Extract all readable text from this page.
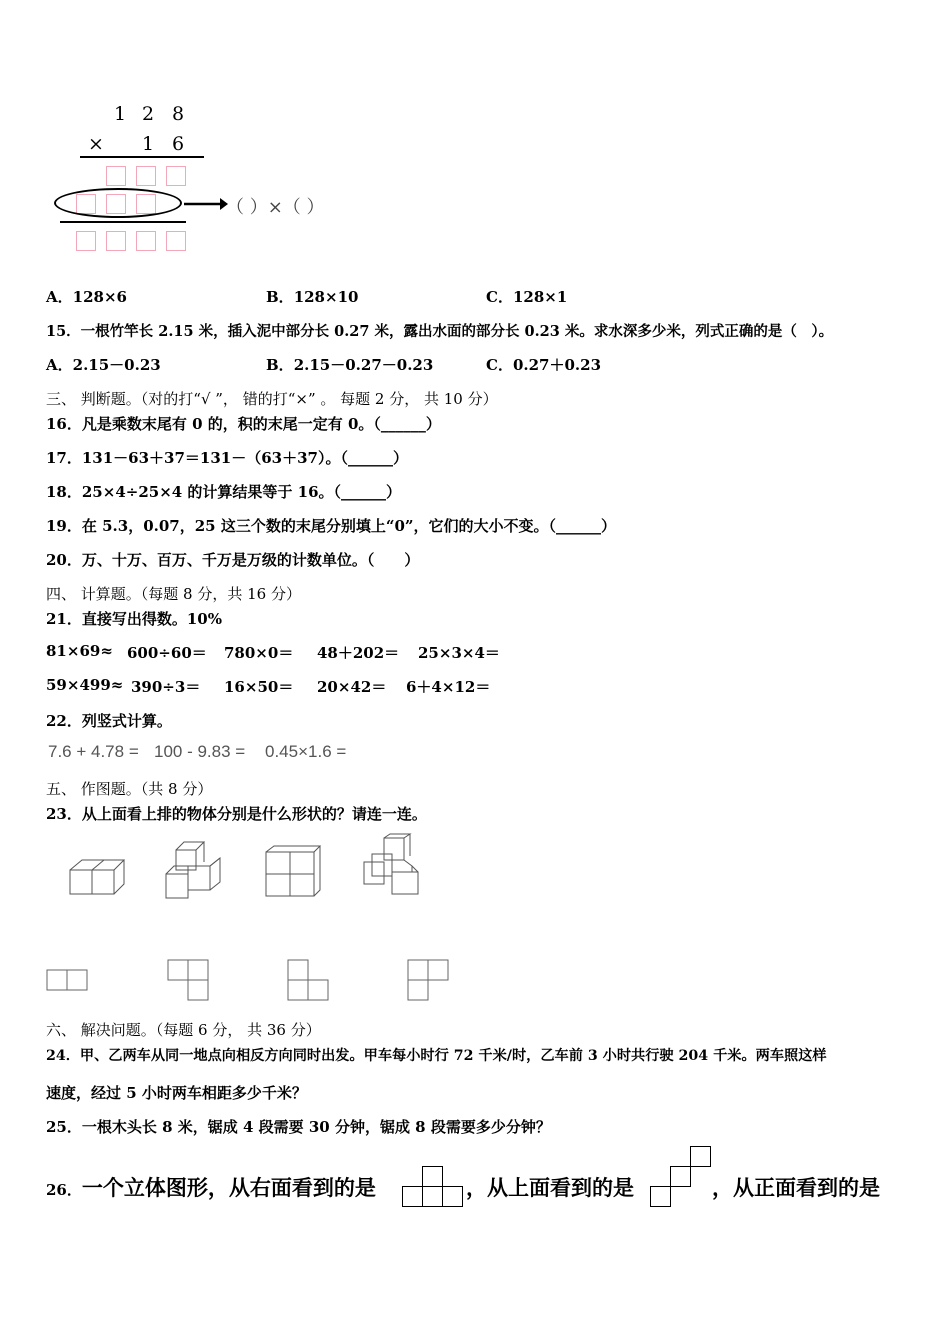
1 2 8
× 1 6
（ ）×（ ）
A．128×6	B．128×10	C．128×1
15．一根竹竿长 2.15 米，插入泥中部分长 0.27 米，露出水面的部分长 0.23 米。求水深多少米，列式正确的是（　）。
A．2.15－0.23	B．2.15－0.27－0.23	C．0.27＋0.23
三、 判断题。（对的打“√ ”， 错的打“×” 。 每题 2 分， 共 10 分）
16．凡是乘数末尾有 0 的，积的末尾一定有 0。（______）
17．131－63＋37＝131－（63＋37）。（______）
18．25×4÷25×4 的计算结果等于 16。（______）
19．在 5.3，0.07，25 这三个数的末尾分别填上“0”，它们的大小不变。（______）
20．万、十万、百万、千万是万级的计数单位。（　　）
四、 计算题。（每题 8 分，共 16 分）
21．直接写出得数。10%
81×69≈ 600÷60＝ 780×0＝ 48＋202＝ 25×3×4＝
59×499≈ 390÷3＝ 16×50＝ 20×42＝ 6＋4×12＝
22．列竖式计算。
7.6 + 4.78 = 100 - 9.83 = 0.45×1.6 =
五、 作图题。（共 8 分）
23．从上面看上排的物体分别是什么形状的？请连一连。
六、 解决问题。（每题 6 分， 共 36 分）
24．甲、乙两车从同一地点向相反方向同时出发。甲车每小时行 72 千米/时，乙车前 3 小时共行驶 204 千米。两车照这样
速度，经过 5 小时两车相距多少千米？
25．一根木头长 8 米，锯成 4 段需要 30 分钟，锯成 8 段需要多少分钟？
26．一个立体图形，从右面看到的是	，从上面看到的是	，从正面看到的是
